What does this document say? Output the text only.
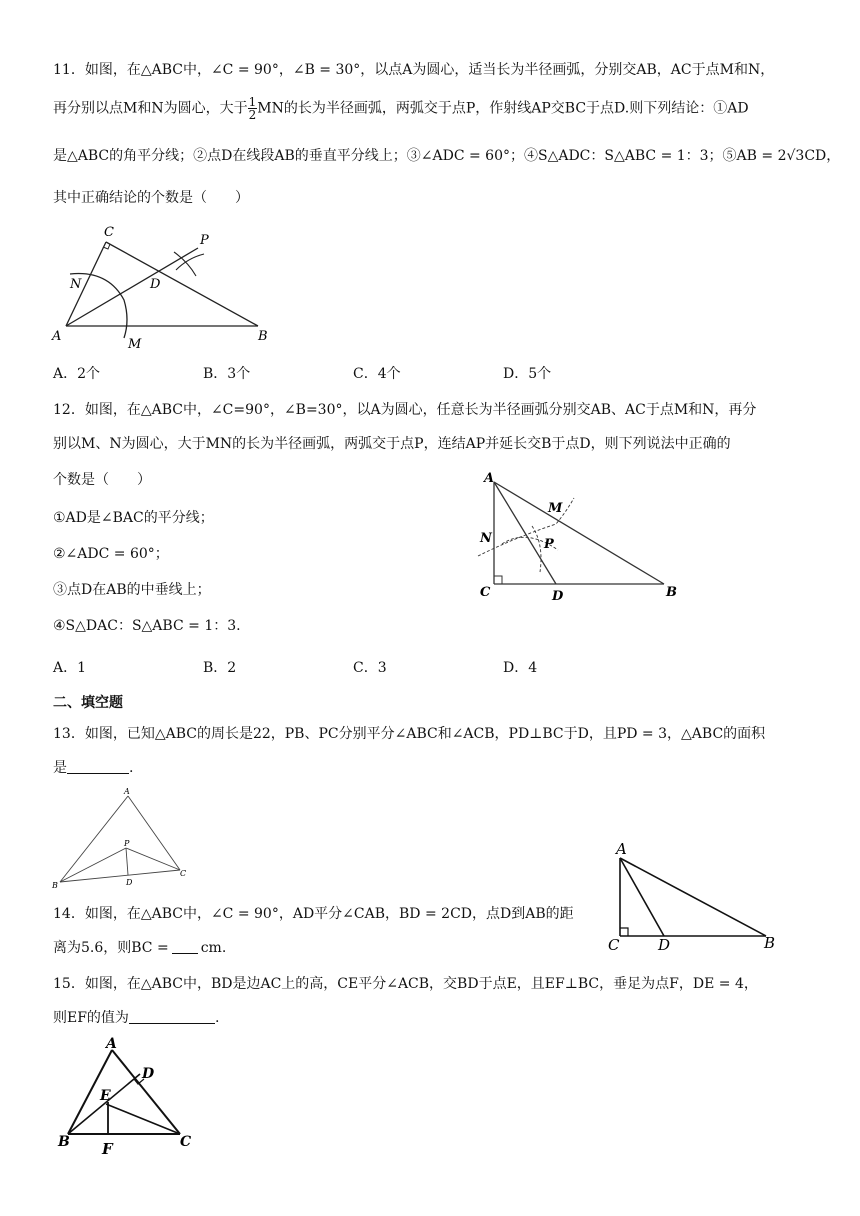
11．如图，在△ABC中，∠C = 90°，∠B = 30°，以点A为圆心，适当长为半径画弧，分别交AB，AC于点M和N，
再分别以点M和N为圆心，大于 $\frac{1}{2}$ MN的长为半径画弧，两弧交于点P，作射线AP交BC于点D.则下列结论：①AD
是△ABC的角平分线；②点D在线段AB的垂直平分线上；③∠ADC = 60°；④S△ADC：S△ABC = 1：3；⑤AB = 2√3CD，
其中正确结论的个数是（　　）
C
N	D
P
A
M
B
A．2个	B．3个	C．4个	D．5个
12．如图，在△ABC中，∠C=90°，∠B=30°，以A为圆心，任意长为半径画弧分别交AB、AC于点M和N，再分
别以M、N为圆心，大于MN的长为半径画弧，两弧交于点P，连结AP并延长交B于点D，则下列说法中正确的
个数是（　　）
①AD是∠BAC的平分线；
②∠ADC = 60°；
③点D在AB的中垂线上；
④S△DAC：S△ABC = 1：3.
A
M
N	P
C	D	B
A．1	B．2	C．3	D．4
二、填空题
13．如图，已知△ABC的周长是22，PB、PC分别平分∠ABC和∠ACB，PD⊥BC于D，且PD = 3，△ABC的面积
是	.
A
P
B	D
C
14．如图，在△ABC中，∠C = 90°，AD平分∠CAB，BD = 2CD，点D到AB的距
离为5.6，则BC = cm.
A
C	D	B
15．如图，在△ABC中，BD是边AC上的高，CE平分∠ACB，交BD于点E，且EF⊥BC，垂足为点F，DE = 4，
则EF的值为	.
A
D
E
B F	C
